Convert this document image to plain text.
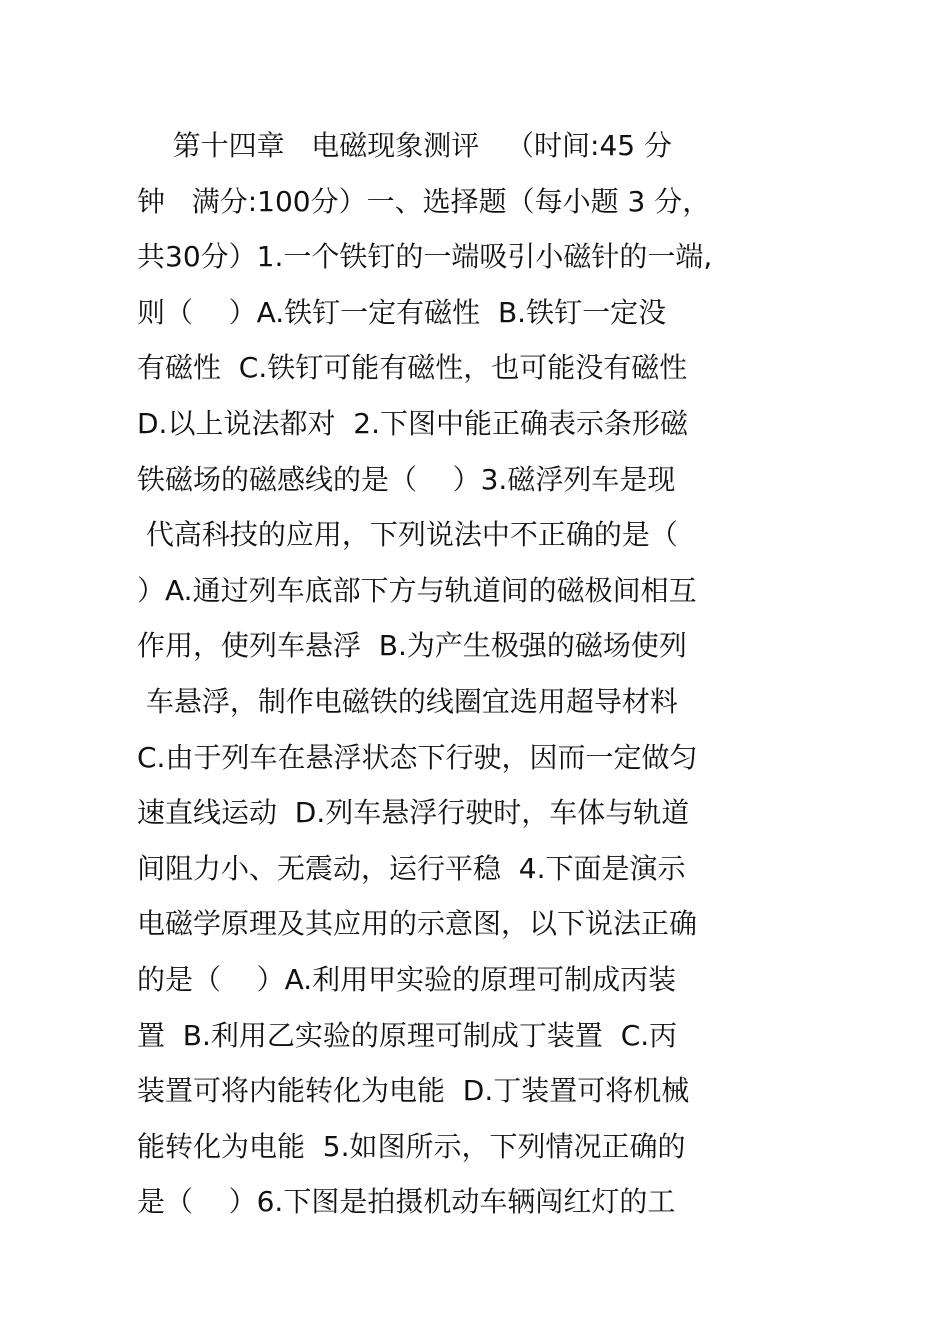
第十四章   电磁现象测评   （时间:45 分
钟   满分:100分）一、选择题（每小题 3 分，
共30分）1.一个铁钉的一端吸引小磁针的一端,
则（    ）A.铁钉一定有磁性  B.铁钉一定没
有磁性  C.铁钉可能有磁性，也可能没有磁性
D.以上说法都对  2.下图中能正确表示条形磁
铁磁场的磁感线的是（    ）3.磁浮列车是现
代高科技的应用，下列说法中不正确的是（
）A.通过列车底部下方与轨道间的磁极间相互
作用，使列车悬浮  B.为产生极强的磁场使列
车悬浮，制作电磁铁的线圈宜选用超导材料
C.由于列车在悬浮状态下行驶，因而一定做匀
速直线运动  D.列车悬浮行驶时，车体与轨道
间阻力小、无震动，运行平稳  4.下面是演示
电磁学原理及其应用的示意图，以下说法正确
的是（    ）A.利用甲实验的原理可制成丙装
置  B.利用乙实验的原理可制成丁装置  C.丙
装置可将内能转化为电能  D.丁装置可将机械
能转化为电能  5.如图所示，下列情况正确的
是（    ）6.下图是拍摄机动车辆闯红灯的工
